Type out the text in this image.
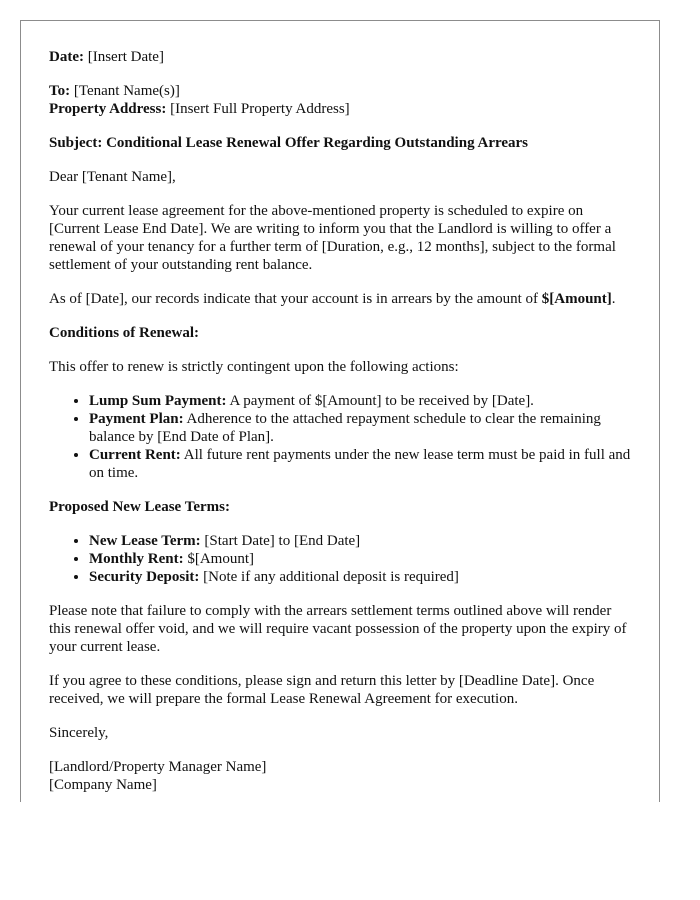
Date: [Insert Date]

To: [Tenant Name(s)]
Property Address: [Insert Full Property Address]

Subject: Conditional Lease Renewal Offer Regarding Outstanding Arrears

Dear [Tenant Name],

Your current lease agreement for the above-mentioned property is scheduled to expire on [Current Lease End Date]. We are writing to inform you that the Landlord is willing to offer a renewal of your tenancy for a further term of [Duration, e.g., 12 months], subject to the formal settlement of your outstanding rent balance.

As of [Date], our records indicate that your account is in arrears by the amount of $[Amount].

Conditions of Renewal:

This offer to renew is strictly contingent upon the following actions:

• Lump Sum Payment: A payment of $[Amount] to be received by [Date].
• Payment Plan: Adherence to the attached repayment schedule to clear the remaining balance by [End Date of Plan].
• Current Rent: All future rent payments under the new lease term must be paid in full and on time.

Proposed New Lease Terms:

• New Lease Term: [Start Date] to [End Date]
• Monthly Rent: $[Amount]
• Security Deposit: [Note if any additional deposit is required]

Please note that failure to comply with the arrears settlement terms outlined above will render this renewal offer void, and we will require vacant possession of the property upon the expiry of your current lease.

If you agree to these conditions, please sign and return this letter by [Deadline Date]. Once received, we will prepare the formal Lease Renewal Agreement for execution.

Sincerely,

[Landlord/Property Manager Name]
[Company Name]
